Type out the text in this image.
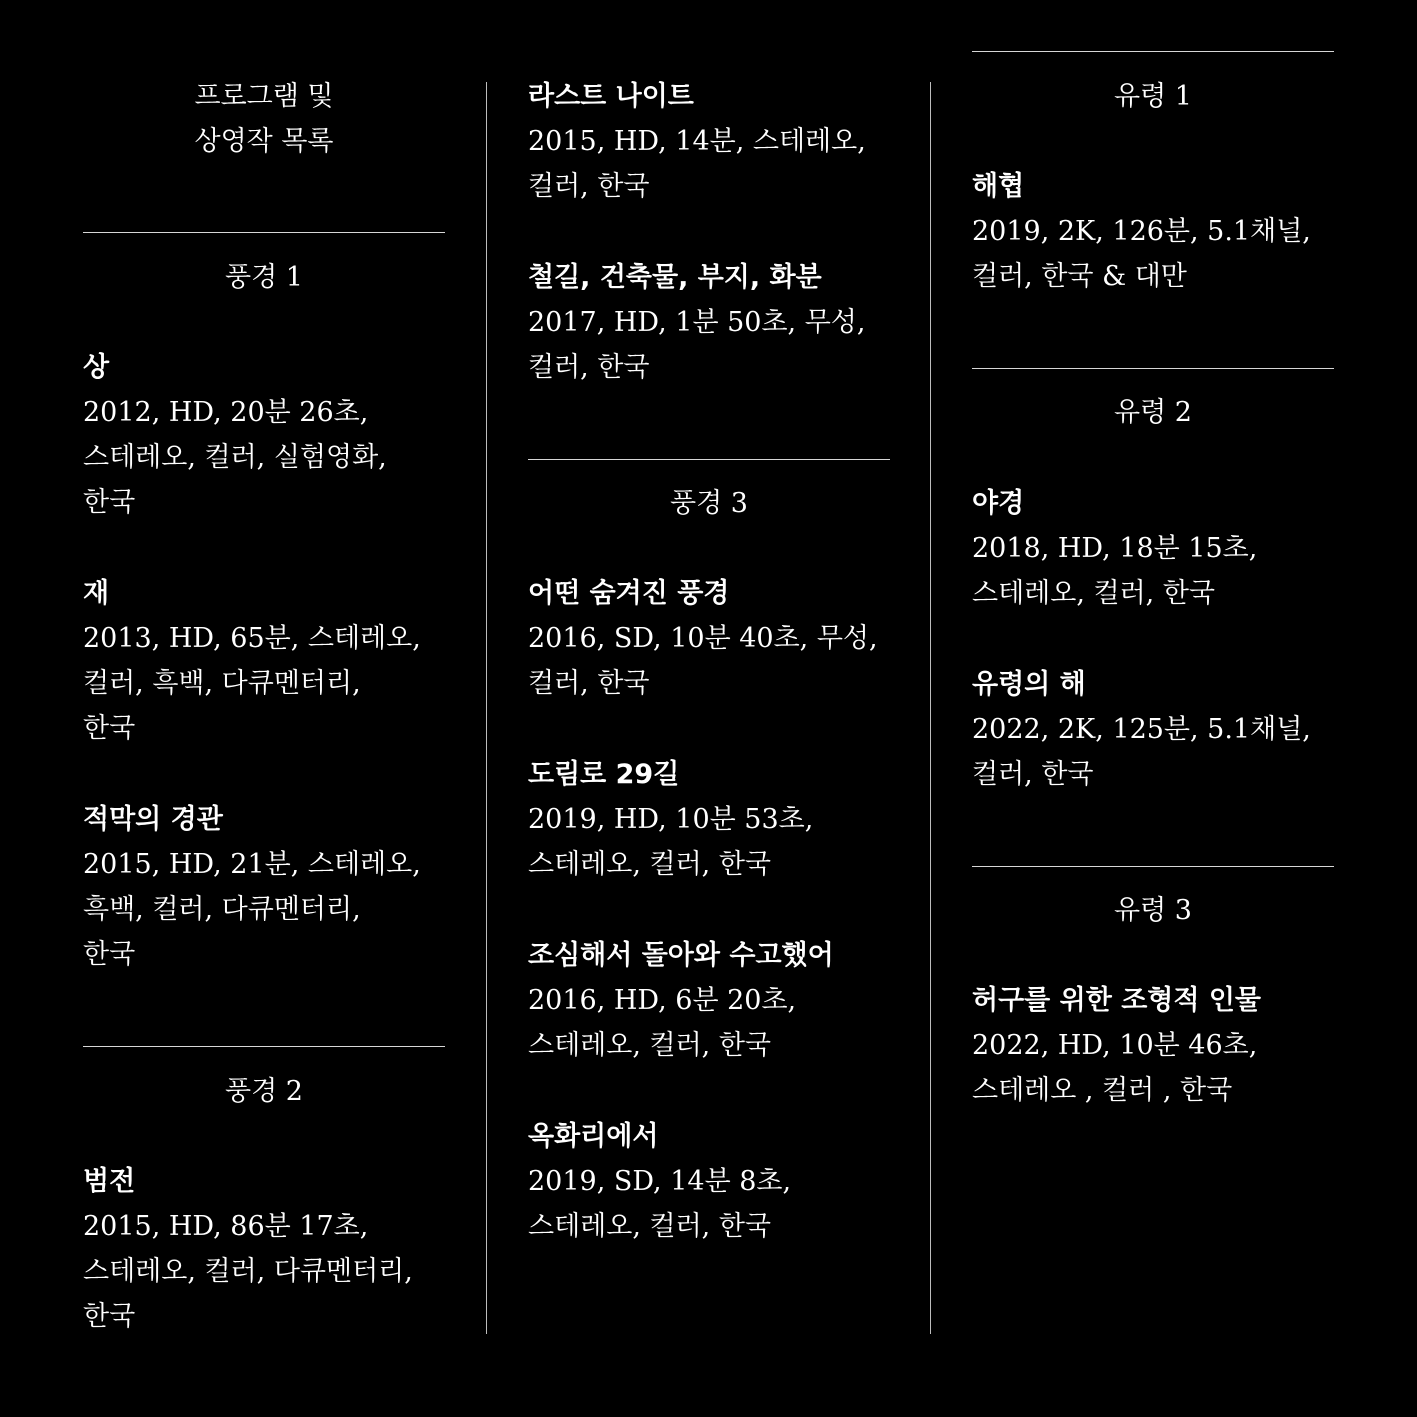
프로그램 및
상영작 목록
풍경 1
상
2012, HD, 20분 26초,
스테레오, 컬러, 실험영화,
한국
재
2013, HD, 65분, 스테레오,
컬러, 흑백, 다큐멘터리,
한국
적막의 경관
2015, HD, 21분, 스테레오,
흑백, 컬러, 다큐멘터리,
한국
풍경 2
범전
2015, HD, 86분 17초,
스테레오, 컬러, 다큐멘터리,
한국
라스트 나이트
2015, HD, 14분, 스테레오,
컬러, 한국
철길, 건축물, 부지, 화분
2017, HD, 1분 50초, 무성,
컬러, 한국
풍경 3
어떤 숨겨진 풍경
2016, SD, 10분 40초, 무성,
컬러, 한국
도림로 29길
2019, HD, 10분 53초,
스테레오, 컬러, 한국
조심해서 돌아와 수고했어
2016, HD, 6분 20초,
스테레오, 컬러, 한국
옥화리에서
2019, SD, 14분 8초,
스테레오, 컬러, 한국
유령 1
해협
2019, 2K, 126분, 5.1채널,
컬러, 한국 & 대만
유령 2
야경
2018, HD, 18분 15초,
스테레오, 컬러, 한국
유령의 해
2022, 2K, 125분, 5.1채널,
컬러, 한국
유령 3
허구를 위한 조형적 인물
2022, HD, 10분 46초,
스테레오 , 컬러 , 한국
